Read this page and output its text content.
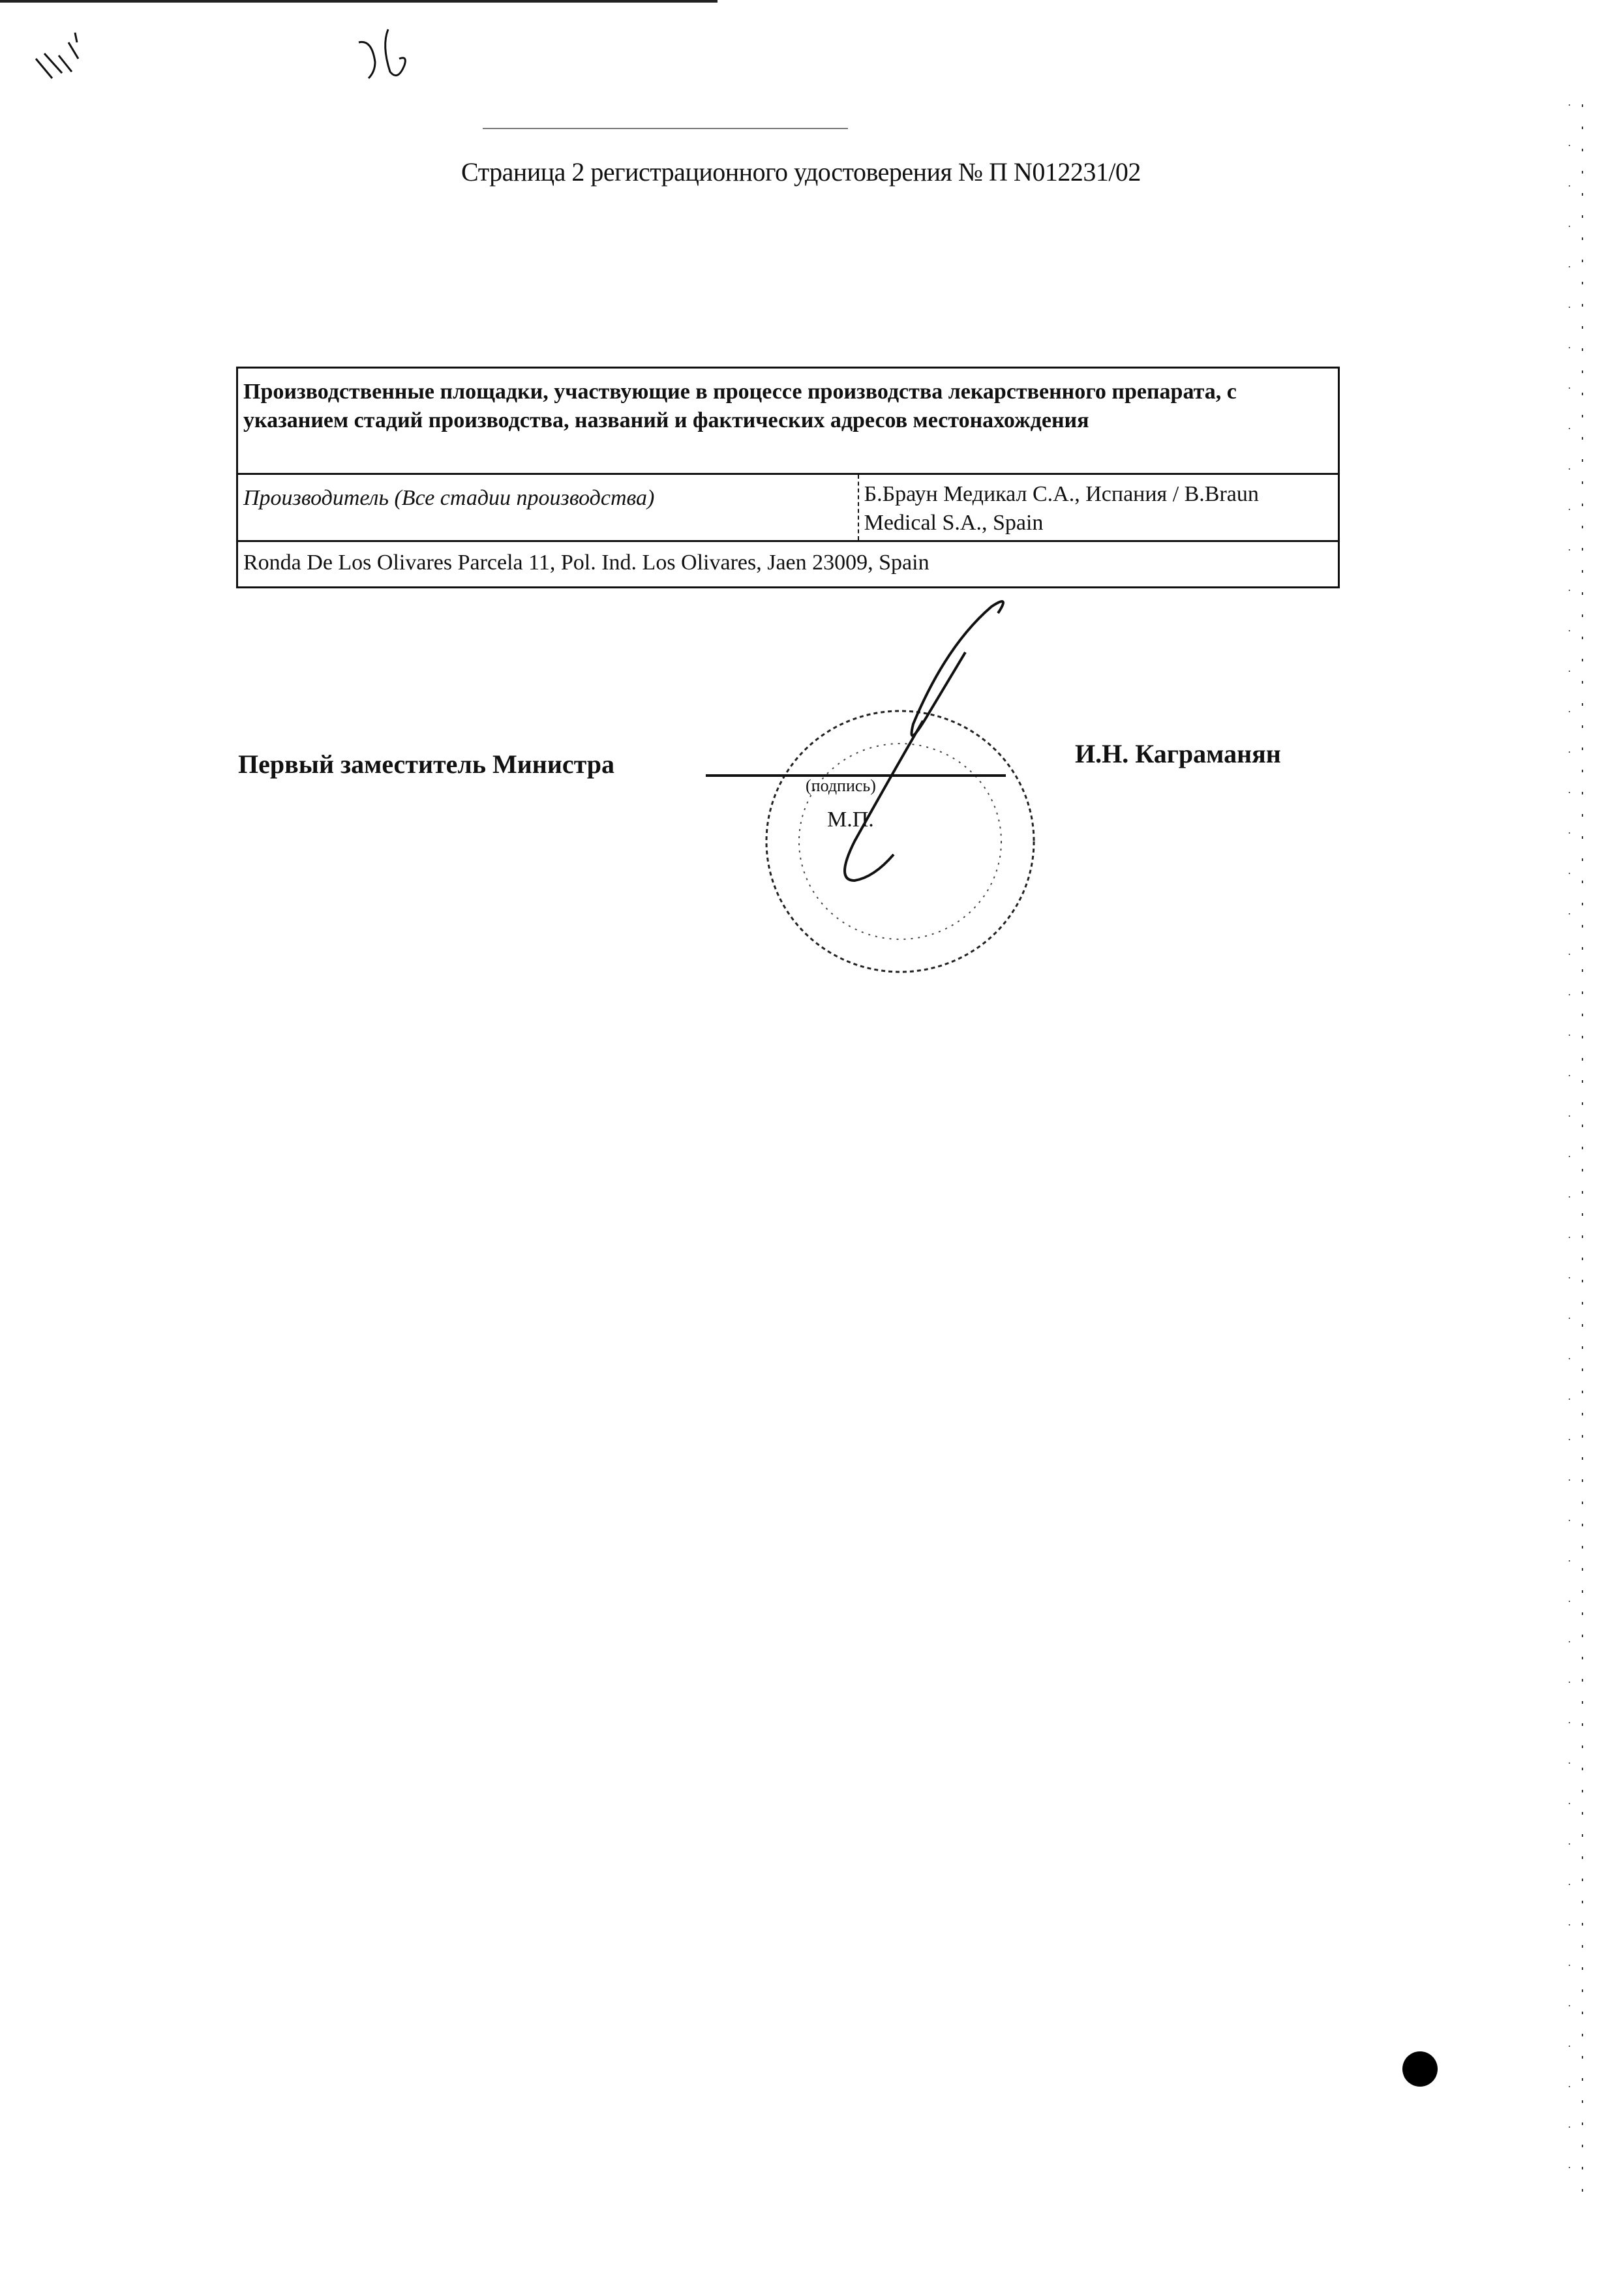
Страница 2 регистрационного удостоверения № П N012231/02
Производственные площадки, участвующие в процессе производства лекарственного препарата, с указанием стадий производства, названий и фактических адресов местонахождения
Производитель (Все стадии производства)	Б.Браун Медикал С.А., Испания / B.Braun Medical S.A., Spain
Ronda De Los Olivares Parcela 11, Pol. Ind. Los Olivares, Jaen 23009, Spain
Первый заместитель Министра
(подпись)
М.П.
И.Н. Каграманян
